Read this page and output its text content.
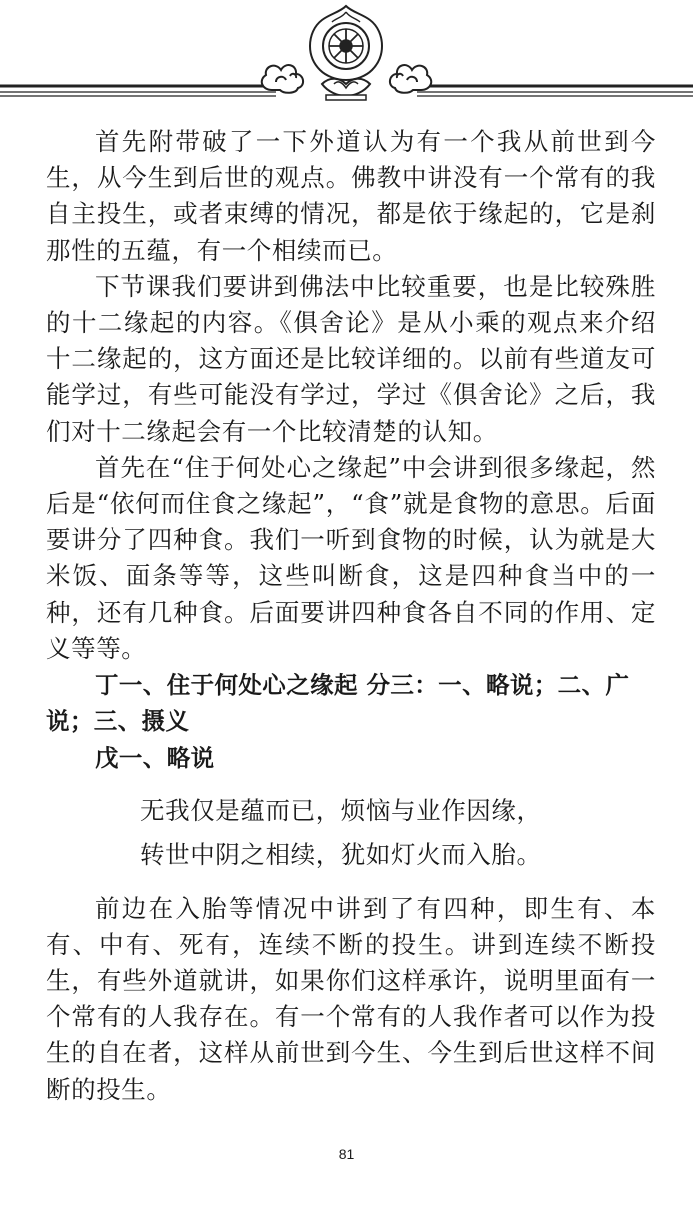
首先附带破了一下外道认为有一个我从前世到今生，从今生到后世的观点。佛教中讲没有一个常有的我自主投生，或者束缚的情况，都是依于缘起的，它是刹那性的五蕴，有一个相续而已。

下节课我们要讲到佛法中比较重要，也是比较殊胜的十二缘起的内容。《俱舍论》是从小乘的观点来介绍十二缘起的，这方面还是比较详细的。以前有些道友可能学过，有些可能没有学过，学过《俱舍论》之后，我们对十二缘起会有一个比较清楚的认知。

首先在“住于何处心之缘起”中会讲到很多缘起，然后是“依何而住食之缘起”，“食”就是食物的意思。后面要讲分了四种食。我们一听到食物的时候，认为就是大米饭、面条等等，这些叫断食，这是四种食当中的一种，还有几种食。后面要讲四种食各自不同的作用、定义等等。

丁一、住于何处心之缘起 分三：一、略说；二、广说；三、摄义

戊一、略说

无我仅是蕴而已，烦恼与业作因缘，

转世中阴之相续，犹如灯火而入胎。

前边在入胎等情况中讲到了有四种，即生有、本有、中有、死有，连续不断的投生。讲到连续不断投生，有些外道就讲，如果你们这样承许，说明里面有一个常有的人我存在。有一个常有的人我作者可以作为投生的自在者，这样从前世到今生、今生到后世这样不间断的投生。

81
